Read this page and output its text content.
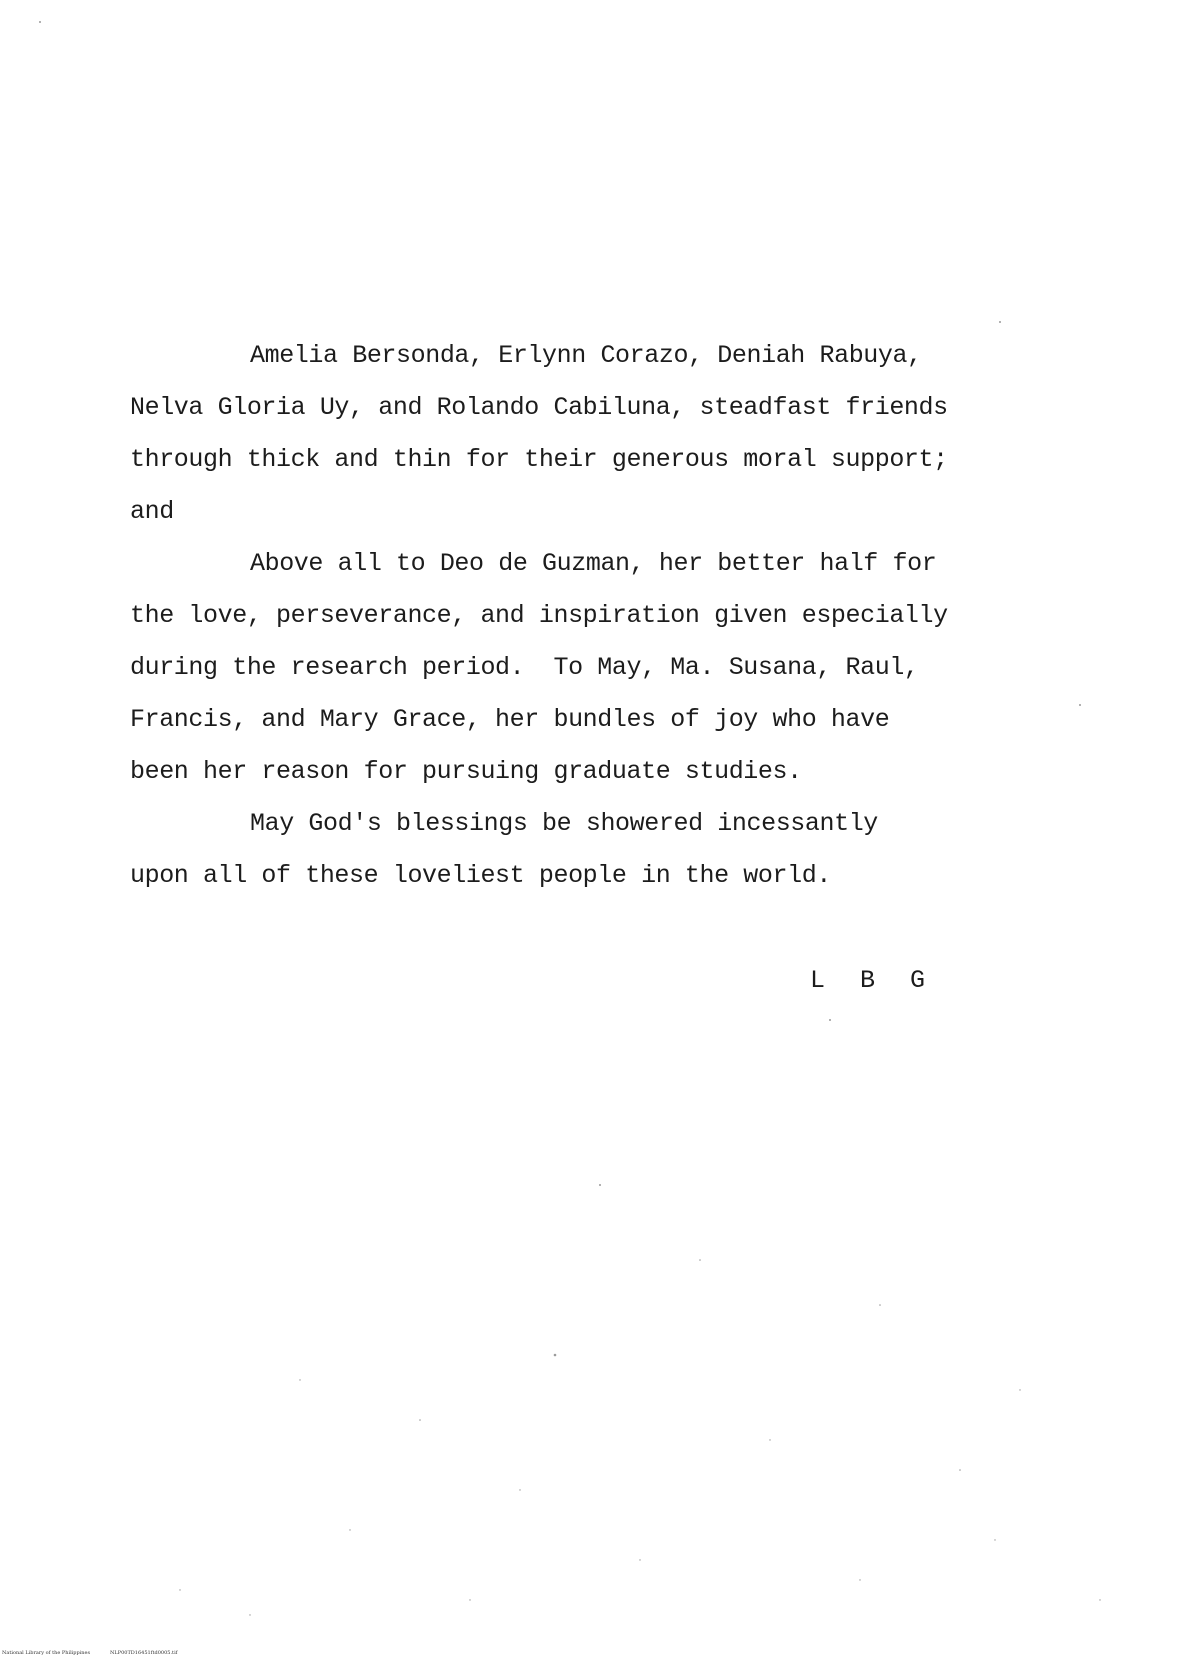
Amelia Bersonda, Erlynn Corazo, Deniah Rabuya,
Nelva Gloria Uy, and Rolando Cabiluna, steadfast friends
through thick and thin for their generous moral support;
and
Above all to Deo de Guzman, her better half for
the love, perseverance, and inspiration given especially
during the research period.  To May, Ma. Susana, Raul,
Francis, and Mary Grace, her bundles of joy who have
been her reason for pursuing graduate studies.
May God's blessings be showered incessantly
upon all of these loveliest people in the world.
L B G
National Library of the Philippines	NLP00TD16451ftd0005.tif
